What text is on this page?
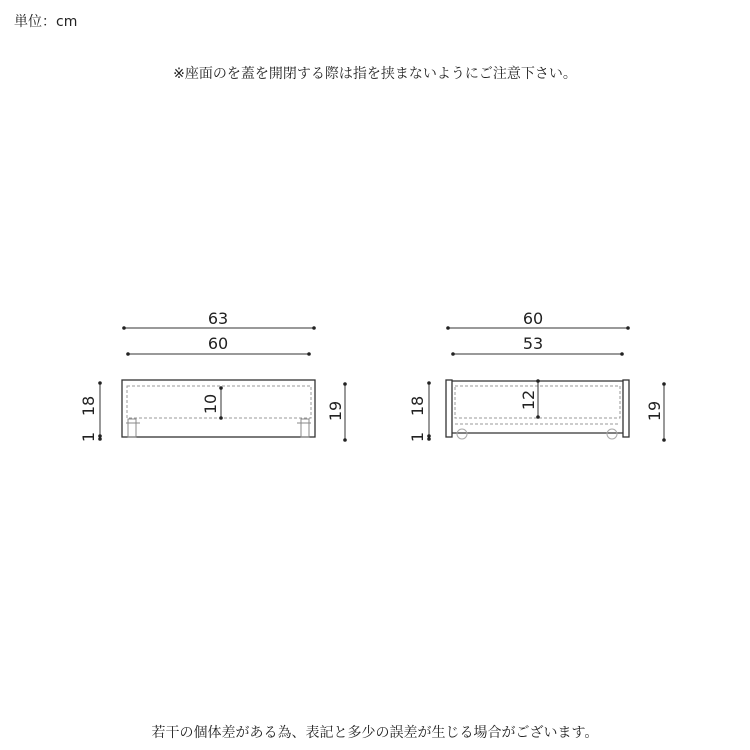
単位：cm
※座面のを蓋を開閉する際は指を挟まないようにご注意下さい。
63
60
10
18
1
19
60
53
12
18
1
19
若干の個体差がある為、表記と多少の誤差が生じる場合がございます。
